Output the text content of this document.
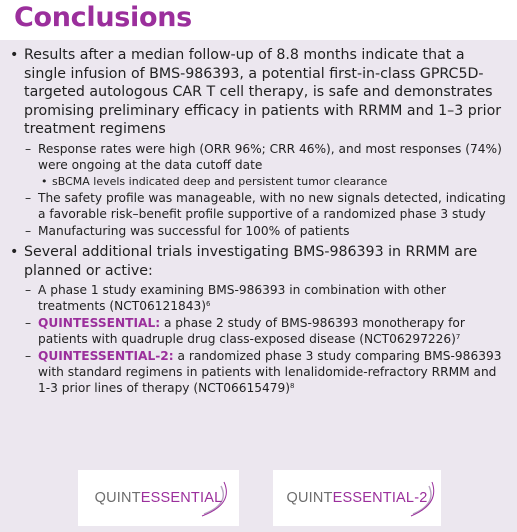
Conclusions
• Results after a median follow-up of 8.8 months indicate that a single infusion of BMS-986393, a potential first-in-class GPRC5D-targeted autologous CAR T cell therapy, is safe and demonstrates promising preliminary efficacy in patients with RRMM and 1–3 prior treatment regimens
– Response rates were high (ORR 96%; CRR 46%), and most responses (74%) were ongoing at the data cutoff date
• sBCMA levels indicated deep and persistent tumor clearance
– The safety profile was manageable, with no new signals detected, indicating a favorable risk–benefit profile supportive of a randomized phase 3 study
– Manufacturing was successful for 100% of patients
• Several additional trials investigating BMS-986393 in RRMM are planned or active:
– A phase 1 study examining BMS-986393 in combination with other treatments $(NCT06121843)^6$
– QUINTESSENTIAL: a phase 2 study of BMS-986393 monotherapy for patients with quadruple drug class-exposed disease $(NCT06297226)^7$
– QUINTESSENTIAL-2: a randomized phase 3 study comparing BMS-986393 with standard regimens in patients with lenalidomide-refractory RRMM and 1-3 prior lines of therapy $(NCT06615479)^8$
QUINTESSENTIAL	QUINTESSENTIAL-2
